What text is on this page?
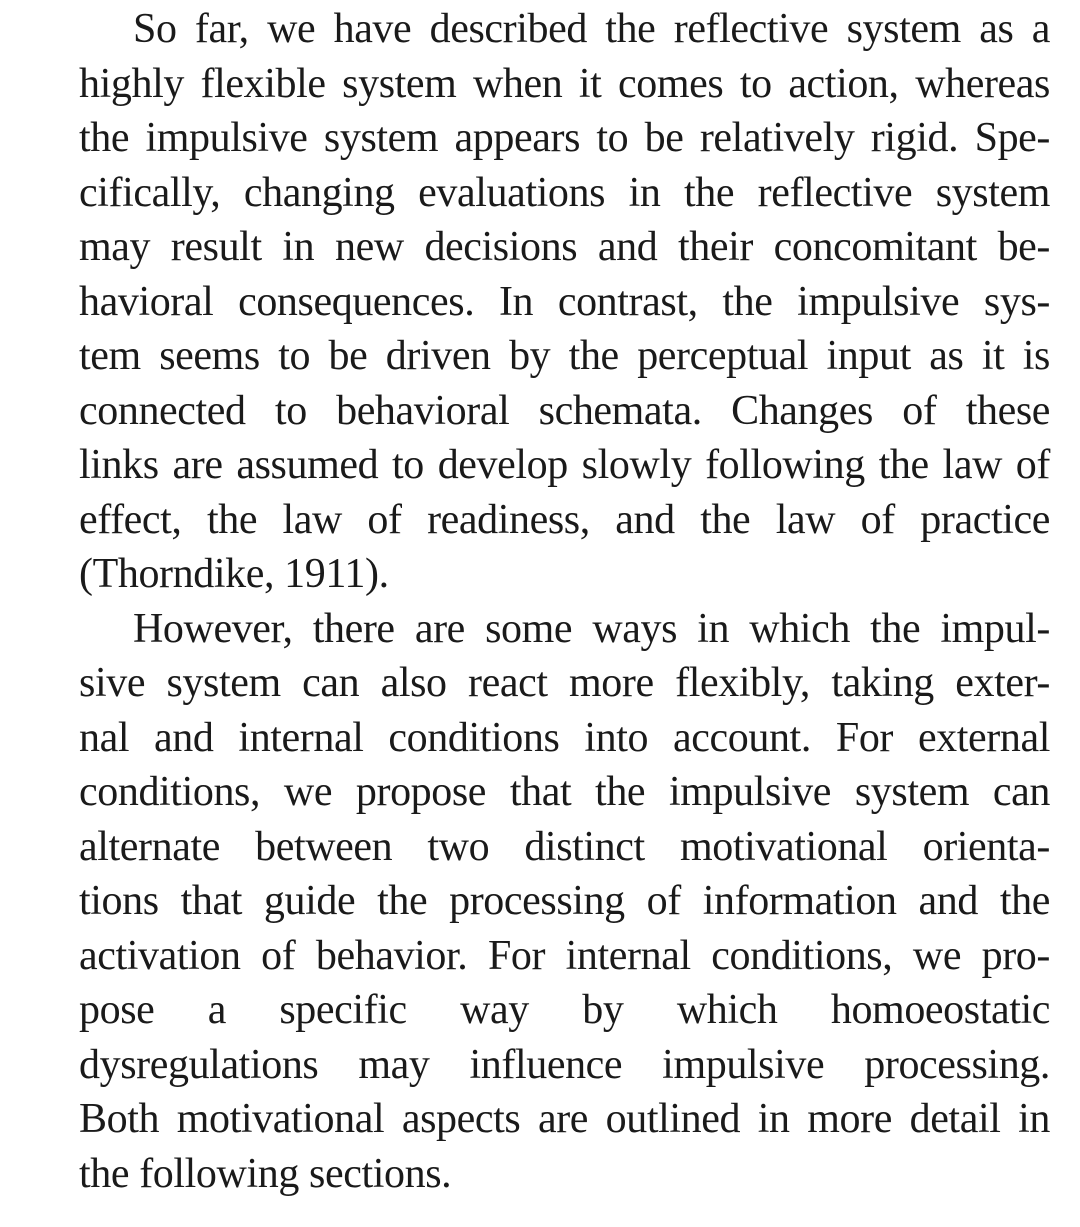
So far, we have described the reflective system as a
highly flexible system when it comes to action, whereas
the impulsive system appears to be relatively rigid. Spe-
cifically, changing evaluations in the reflective system
may result in new decisions and their concomitant be-
havioral consequences. In contrast, the impulsive sys-
tem seems to be driven by the perceptual input as it is
connected to behavioral schemata. Changes of these
links are assumed to develop slowly following the law of
effect, the law of readiness, and the law of practice
(Thorndike, 1911).
However, there are some ways in which the impul-
sive system can also react more flexibly, taking exter-
nal and internal conditions into account. For external
conditions, we propose that the impulsive system can
alternate between two distinct motivational orienta-
tions that guide the processing of information and the
activation of behavior. For internal conditions, we pro-
pose a specific way by which homoeostatic
dysregulations may influence impulsive processing.
Both motivational aspects are outlined in more detail in
the following sections.
